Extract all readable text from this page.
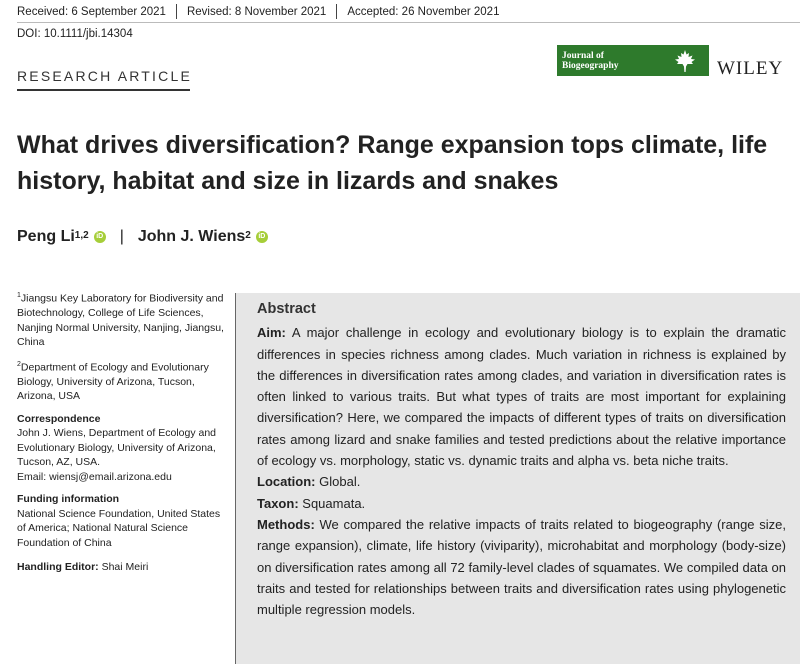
Received: 6 September 2021 Revised: 8 November 2021 Accepted: 26 November 2021
DOI: 10.1111/jbi.14304
RESEARCH ARTICLE
Journal of
Biogeography	WILEY
What drives diversification? Range expansion tops climate, life history, habitat and size in lizards and snakes
Peng Li$^{1,2}$	iD | John J. Wiens$^2$	iD

$^1$Jiangsu Key Laboratory for Biodiversity and Biotechnology, College of Life Sciences, Nanjing Normal University, Nanjing, Jiangsu, China

$^2$Department of Ecology and Evolutionary Biology, University of Arizona, Tucson, Arizona, USA

Correspondence
John J. Wiens, Department of Ecology and Evolutionary Biology, University of Arizona, Tucson, AZ, USA.

Email: wiensj@email.arizona.edu

Funding information

National Science Foundation, United States of America; National Natural Science Foundation of China

Handling Editor: Shai Meiri
Abstract

Aim: A major challenge in ecology and evolutionary biology is to explain the dramatic differences in species richness among clades. Much variation in richness is explained by the differences in diversification rates among clades, and variation in diversification rates is often linked to various traits. But what types of traits are most important for explaining diversification? Here, we compared the impacts of different types of traits on diversification rates among lizard and snake families and tested predictions about the relative importance of ecology vs. morphology, static vs. dynamic traits and alpha vs. beta niche traits.

Location: Global.

Taxon: Squamata.

Methods: We compared the relative impacts of traits related to biogeography (range size, range expansion), climate, life history (viviparity), microhabitat and morphology (body-size) on diversification rates among all 72 family-level clades of squamates. We compiled data on traits and tested for relationships between traits and diversification rates using phylogenetic multiple regression models.
